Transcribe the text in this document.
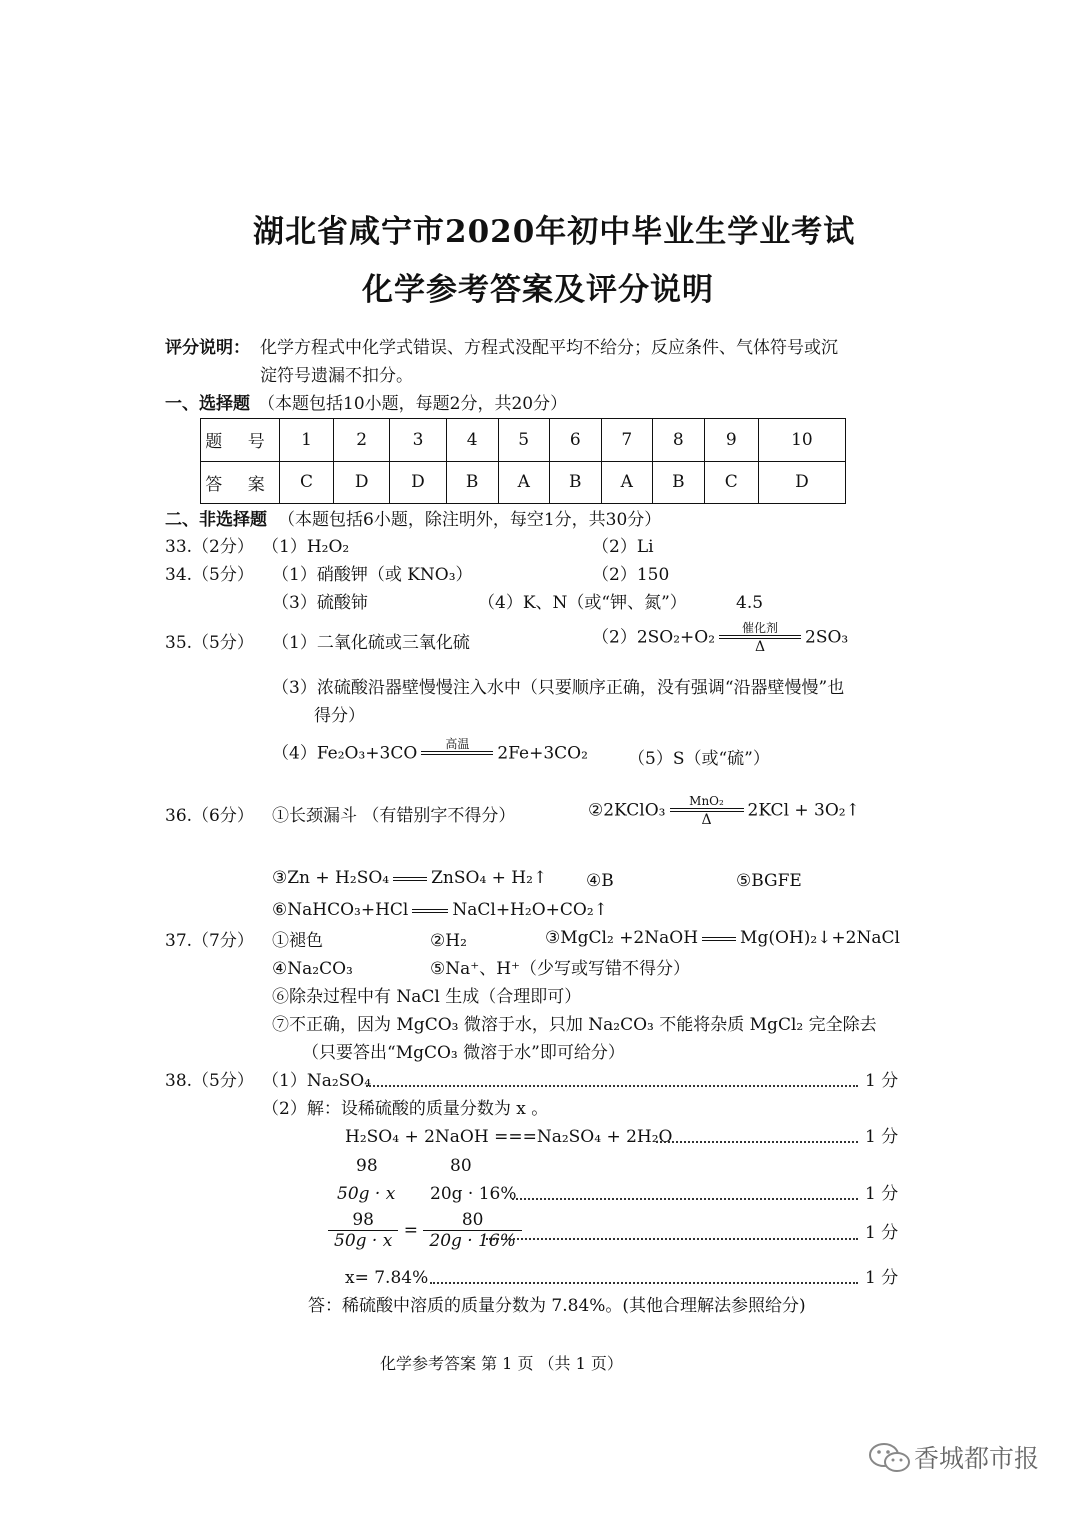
湖北省咸宁市2020年初中毕业生学业考试
化学参考答案及评分说明
评分说明： 化学方程式中化学式错误、方程式没配平均不给分；反应条件、气体符号或沉
淀符号遗漏不扣分。
一、选择题 （本题包括10小题，每题2分，共20分）
题 号	1	2	3	4	5	6	7	8	9	10
答 案	C	D	D	B	A	B	A	B	C	D
二、非选择题 （本题包括6小题，除注明外，每空1分，共30分）
33.（2分） （1）H₂O₂	（2）Li
34.（5分） （1）硝酸钾（或 KNO₃）	（2）150
（3）硫酸铈	（4）K、N（或“钾、氮”）	4.5
35.（5分） （1）二氧化硫或三氧化硫	（2）2SO₂+O₂	催化剂
Δ	2SO₃
（3）浓硫酸沿器壁慢慢注入水中（只要顺序正确，没有强调“沿器壁慢慢”也
得分）
（4）Fe₂O₃+3CO	高温	2Fe+3CO₂ （5）S（或“硫”）
36.（6分） ①长颈漏斗 （有错别字不得分）	②2KClO₃	MnO₂
Δ	2KCl + 3O₂↑
③Zn + H₂SO₄ ZnSO₄ + H₂↑ ④B	⑤BGFE
⑥NaHCO₃+HCl	NaCl+H₂O+CO₂↑
37.（7分） ①褪色	②H₂	③MgCl₂ +2NaOH Mg(OH)₂↓+2NaCl
④Na₂CO₃	⑤Na⁺、H⁺（少写或写错不得分）
⑥除杂过程中有 NaCl 生成（合理即可）
⑦不正确，因为 MgCO₃ 微溶于水，只加 Na₂CO₃ 不能将杂质 MgCl₂ 完全除去
（只要答出“MgCO₃ 微溶于水”即可给分）
38.（5分） （1）Na₂SO₄	1 分
（2）解：设稀硫酸的质量分数为 x 。
H₂SO₄ + 2NaOH ===Na₂SO₄ + 2H₂O	1 分
98	80
50g · x 20g · 16%	1 分
$\frac{98}{50g \cdot x} = \frac{80}{20g \cdot 16\%}$	1 分
x= 7.84%	1 分
答：稀硫酸中溶质的质量分数为 7.84%。(其他合理解法参照给分)
化学参考答案 第 1 页 （共 1 页）
香城都市报
